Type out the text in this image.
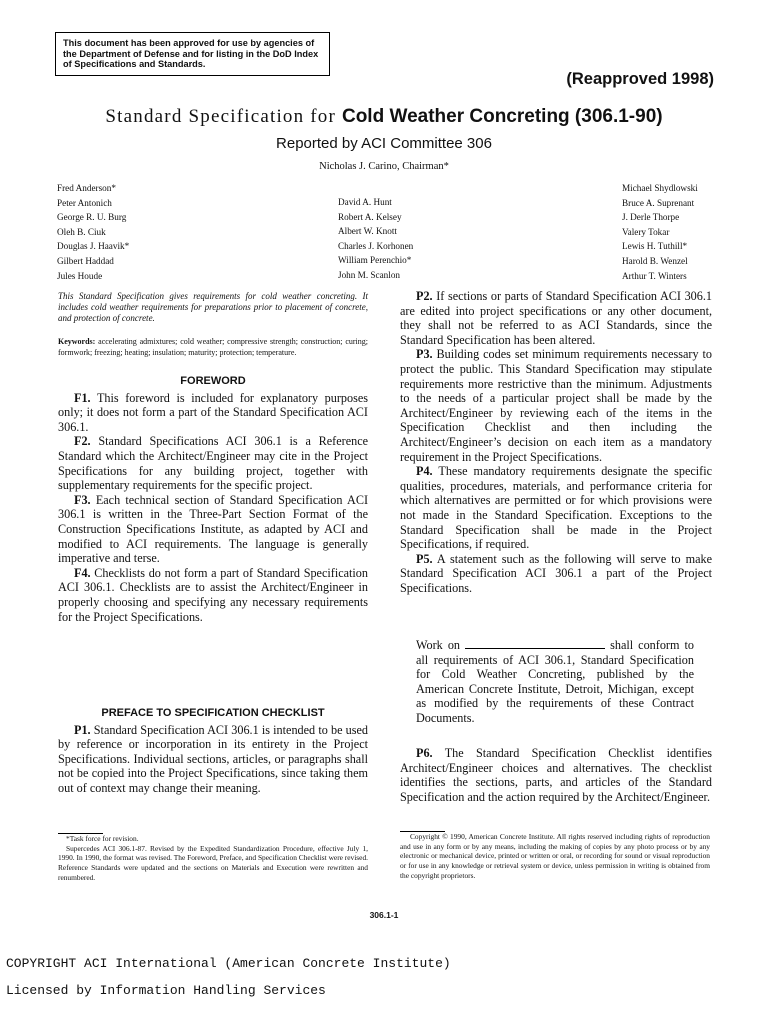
This document has been approved for use by agencies of the Department of Defense and for listing in the DoD Index of Specifications and Standards.
(Reapproved 1998)
Standard Specification for Cold Weather Concreting (306.1-90)
Reported by ACI Committee 306
Nicholas J. Carino, Chairman*
Fred Anderson*
Peter Antonich
George R. U. Burg
Oleh B. Ciuk
Douglas J. Haavik*
Gilbert Haddad
Jules Houde
David A. Hunt
Robert A. Kelsey
Albert W. Knott
Charles J. Korhonen
William Perenchio*
John M. Scanlon
Michael Shydlowski
Bruce A. Suprenant
J. Derle Thorpe
Valery Tokar
Lewis H. Tuthill*
Harold B. Wenzel
Arthur T. Winters

This Standard Specification gives requirements for cold weather concreting. It includes cold weather requirements for preparations prior to placement of concrete, and protection of concrete.

Keywords: accelerating admixtures; cold weather; compressive strength; construction; curing; formwork; freezing; heating; insulation; maturity; protection; temperature.

FOREWORD

F1. This foreword is included for explanatory purposes only; it does not form a part of the Standard Specification ACI 306.1.

F2. Standard Specifications ACI 306.1 is a Reference Standard which the Architect/Engineer may cite in the Project Specifications for any building project, together with supplementary requirements for the specific project.

F3. Each technical section of Standard Specification ACI 306.1 is written in the Three-Part Section Format of the Construction Specifications Institute, as adapted by ACI and modified to ACI requirements. The language is generally imperative and terse.

F4. Checklists do not form a part of Standard Specification ACI 306.1. Checklists are to assist the Architect/Engineer in properly choosing and specifying any necessary requirements for the Project Specifications.

PREFACE TO SPECIFICATION CHECKLIST

P1. Standard Specification ACI 306.1 is intended to be used by reference or incorporation in its entirety in the Project Specifications. Individual sections, articles, or paragraphs shall not be copied into the Project Specifications, since taking them out of context may change their meaning.

P2. If sections or parts of Standard Specification ACI 306.1 are edited into project specifications or any other document, they shall not be referred to as ACI Standards, since the Standard Specification has been altered.

P3. Building codes set minimum requirements necessary to protect the public. This Standard Specification may stipulate requirements more restrictive than the minimum. Adjustments to the needs of a particular project shall be made by the Architect/Engineer by reviewing each of the items in the Specification Checklist and then including the Architect/Engineer’s decision on each item as a mandatory requirement in the Project Specifications.

P4. These mandatory requirements designate the specific qualities, procedures, materials, and performance criteria for which alternatives are permitted or for which provisions were not made in the Standard Specification. Exceptions to the Standard Specification shall be made in the Project Specifications, if required.

P5. A statement such as the following will serve to make Standard Specification ACI 306.1 a part of the Project Specifications.

Work on	shall conform to all requirements of ACI 306.1, Standard Specification for Cold Weather Concreting, published by the American Concrete Institute, Detroit, Michigan, except as modified by the requirements of these Contract Documents.

P6. The Standard Specification Checklist identifies Architect/Engineer choices and alternatives. The checklist identifies the sections, parts, and articles of the Standard Specification and the action required by the Architect/Engineer.

*Task force for revision.
Supercedes ACI 306.1-87. Revised by the Expedited Standardization Procedure, effective July 1, 1990. In 1990, the format was revised. The Foreword, Preface, and Specification Checklist were revised. Reference Standards were updated and the sections on Materials and Execution were rewritten and renumbered.
Copyright © 1990, American Concrete Institute. All rights reserved including rights of reproduction and use in any form or by any means, including the making of copies by any photo process or by any electronic or mechanical device, printed or written or oral, or recording for sound or visual reproduction or for use in any knowledge or retrieval system or device, unless permission in writing is obtained from the copyright proprietors.
306.1-1
COPYRIGHT ACI International (American Concrete Institute)
Licensed by Information Handling Services
